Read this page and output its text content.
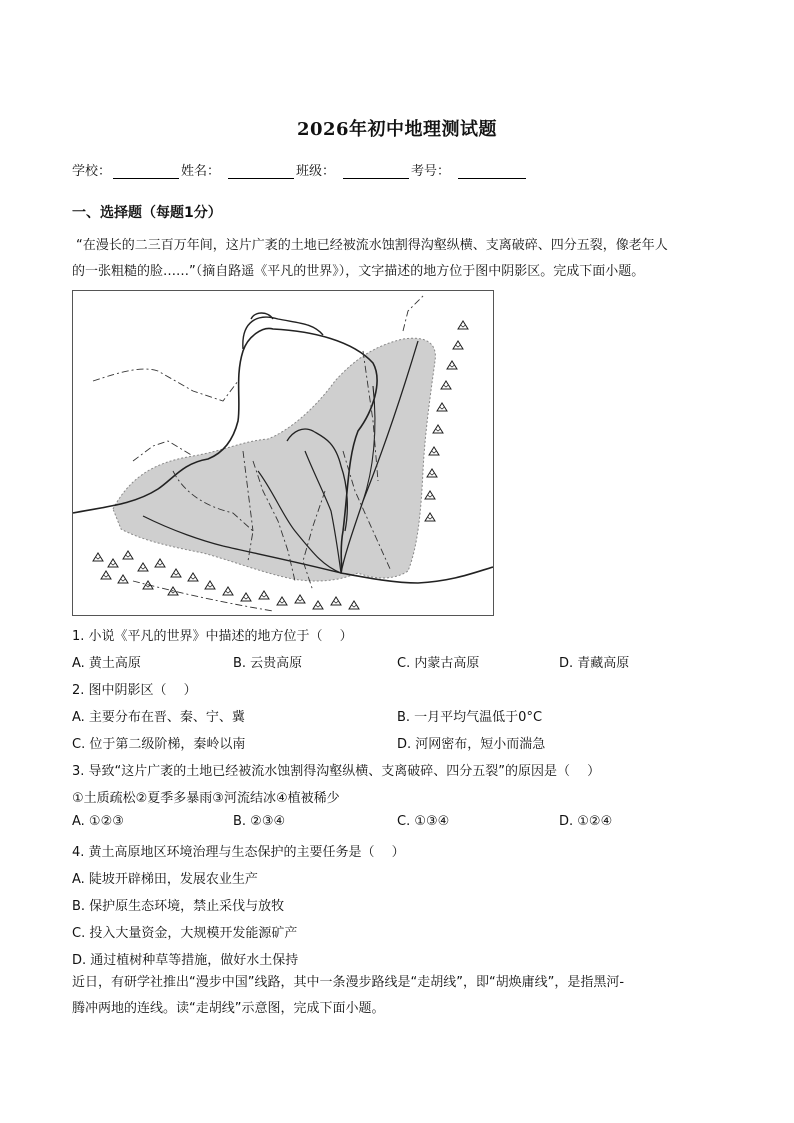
2026年初中地理测试题
学校：	姓名：	班级：	考号：
一、选择题（每题1分）
“在漫长的二三百万年间，这片广袤的土地已经被流水蚀割得沟壑纵横、支离破碎、四分五裂，像老年人
的一张粗糙的脸……”（摘自路遥《平凡的世界》），文字描述的地方位于图中阴影区。完成下面小题。
1. 小说《平凡的世界》中描述的地方位于（　 ）
A. 黄土高原	B. 云贵高原	C. 内蒙古高原	D. 青藏高原
2. 图中阴影区（　 ）
A. 主要分布在晋、秦、宁、冀	B. 一月平均气温低于0°C
C. 位于第二级阶梯，秦岭以南	D. 河网密布，短小而湍急
3. 导致“这片广袤的土地已经被流水蚀割得沟壑纵横、支离破碎、四分五裂”的原因是（　 ）
①土质疏松②夏季多暴雨③河流结冰④植被稀少
A. ①②③	B. ②③④	C. ①③④	D. ①②④
4. 黄土高原地区环境治理与生态保护的主要任务是（　 ）
A. 陡坡开辟梯田，发展农业生产
B. 保护原生态环境，禁止采伐与放牧
C. 投入大量资金，大规模开发能源矿产
D. 通过植树种草等措施，做好水土保持
近日，有研学社推出“漫步中国”线路，其中一条漫步路线是“走胡线”，即“胡焕庸线”，是指黑河-
腾冲两地的连线。读“走胡线”示意图，完成下面小题。
